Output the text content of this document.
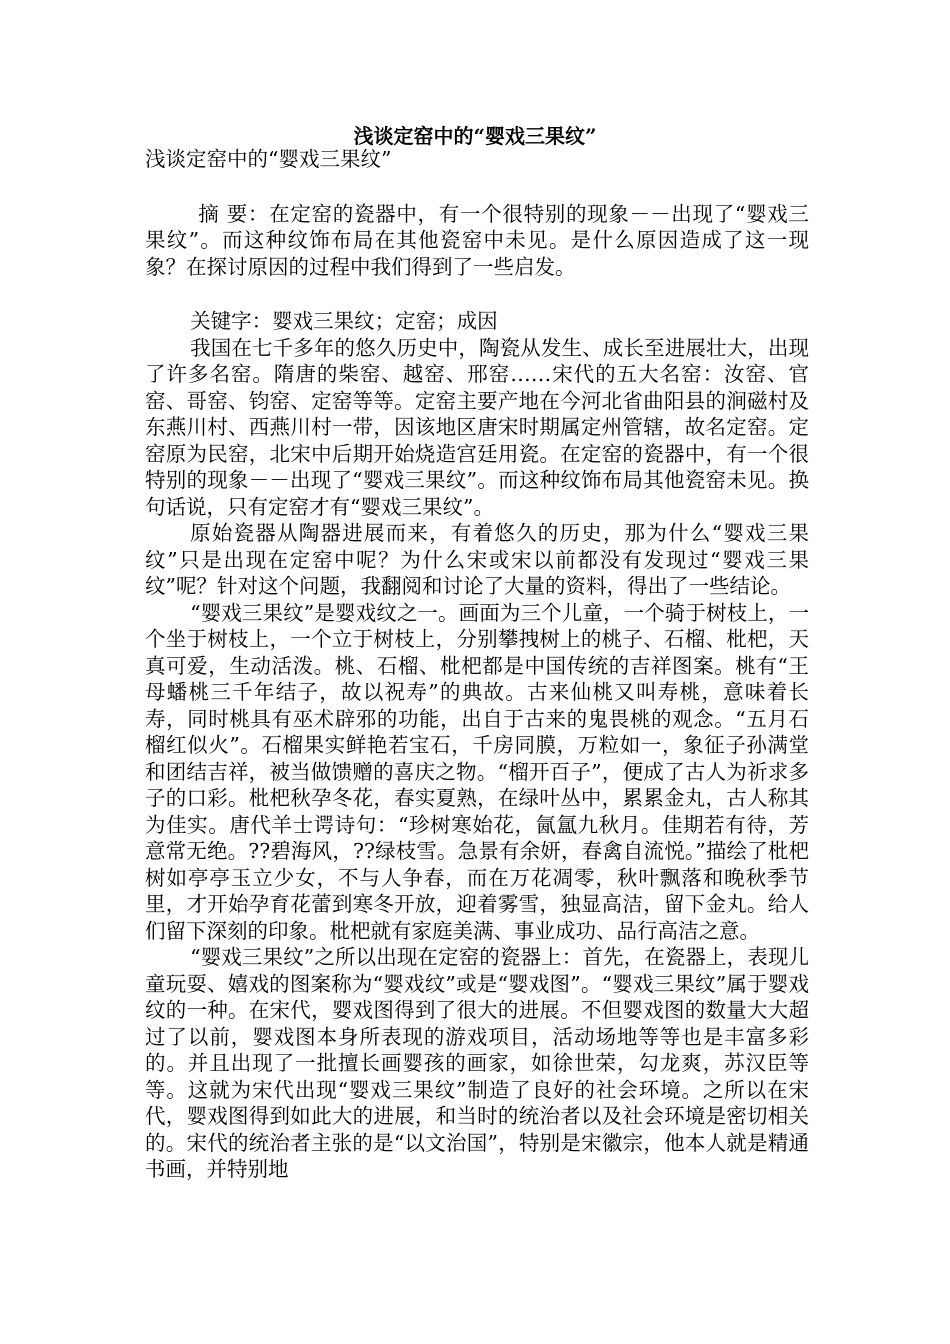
浅谈定窑中的“婴戏三果纹”

浅谈定窑中的“婴戏三果纹”

摘 要：在定窑的瓷器中，有一个很特别的现象－－出现了“婴戏三果纹”。而这种纹饰布局在其他瓷窑中未见。是什么原因造成了这一现象？在探讨原因的过程中我们得到了一些启发。

关键字：婴戏三果纹；定窑；成因

我国在七千多年的悠久历史中，陶瓷从发生、成长至进展壮大，出现了许多名窑。隋唐的柴窑、越窑、邢窑……宋代的五大名窑：汝窑、官窑、哥窑、钧窑、定窑等等。定窑主要产地在今河北省曲阳县的涧磁村及东燕川村、西燕川村一带，因该地区唐宋时期属定州管辖，故名定窑。定窑原为民窑，北宋中后期开始烧造宫廷用瓷。在定窑的瓷器中，有一个很特别的现象－－出现了“婴戏三果纹”。而这种纹饰布局其他瓷窑未见。换句话说，只有定窑才有“婴戏三果纹”。

原始瓷器从陶器进展而来，有着悠久的历史，那为什么“婴戏三果纹”只是出现在定窑中呢？为什么宋或宋以前都没有发现过“婴戏三果纹”呢？针对这个问题，我翻阅和讨论了大量的资料，得出了一些结论。

“婴戏三果纹”是婴戏纹之一。画面为三个儿童，一个骑于树枝上，一个坐于树枝上，一个立于树枝上，分别攀拽树上的桃子、石榴、枇杷，天真可爱，生动活泼。桃、石榴、枇杷都是中国传统的吉祥图案。桃有“王母蟠桃三千年结子，故以祝寿”的典故。古来仙桃又叫寿桃，意味着长寿，同时桃具有巫术辟邪的功能，出自于古来的鬼畏桃的观念。“五月石榴红似火”。石榴果实鲜艳若宝石，千房同膜，万粒如一，象征子孙满堂和团结吉祥，被当做馈赠的喜庆之物。“榴开百子”，便成了古人为祈求多子的口彩。枇杷秋孕冬花，春实夏熟，在绿叶丛中，累累金丸，古人称其为佳实。唐代羊士谔诗句：“珍树寒始花，氤氲九秋月。佳期若有待，芳意常无绝。??碧海风，??绿枝雪。急景有余妍，春禽自流悦。”描绘了枇杷树如亭亭玉立少女，不与人争春，而在万花凋零，秋叶飘落和晚秋季节里，才开始孕育花蕾到寒冬开放，迎着雾雪，独显高洁，留下金丸。给人们留下深刻的印象。枇杷就有家庭美满、事业成功、品行高洁之意。

“婴戏三果纹”之所以出现在定窑的瓷器上：首先，在瓷器上，表现儿童玩耍、嬉戏的图案称为“婴戏纹”或是“婴戏图”。“婴戏三果纹”属于婴戏纹的一种。在宋代，婴戏图得到了很大的进展。不但婴戏图的数量大大超过了以前，婴戏图本身所表现的游戏项目，活动场地等等也是丰富多彩的。并且出现了一批擅长画婴孩的画家，如徐世荣，勾龙爽，苏汉臣等等。这就为宋代出现“婴戏三果纹”制造了良好的社会环境。之所以在宋代，婴戏图得到如此大的进展，和当时的统治者以及社会环境是密切相关的。宋代的统治者主张的是“以文治国”，特别是宋徽宗，他本人就是精通书画，并特别地
